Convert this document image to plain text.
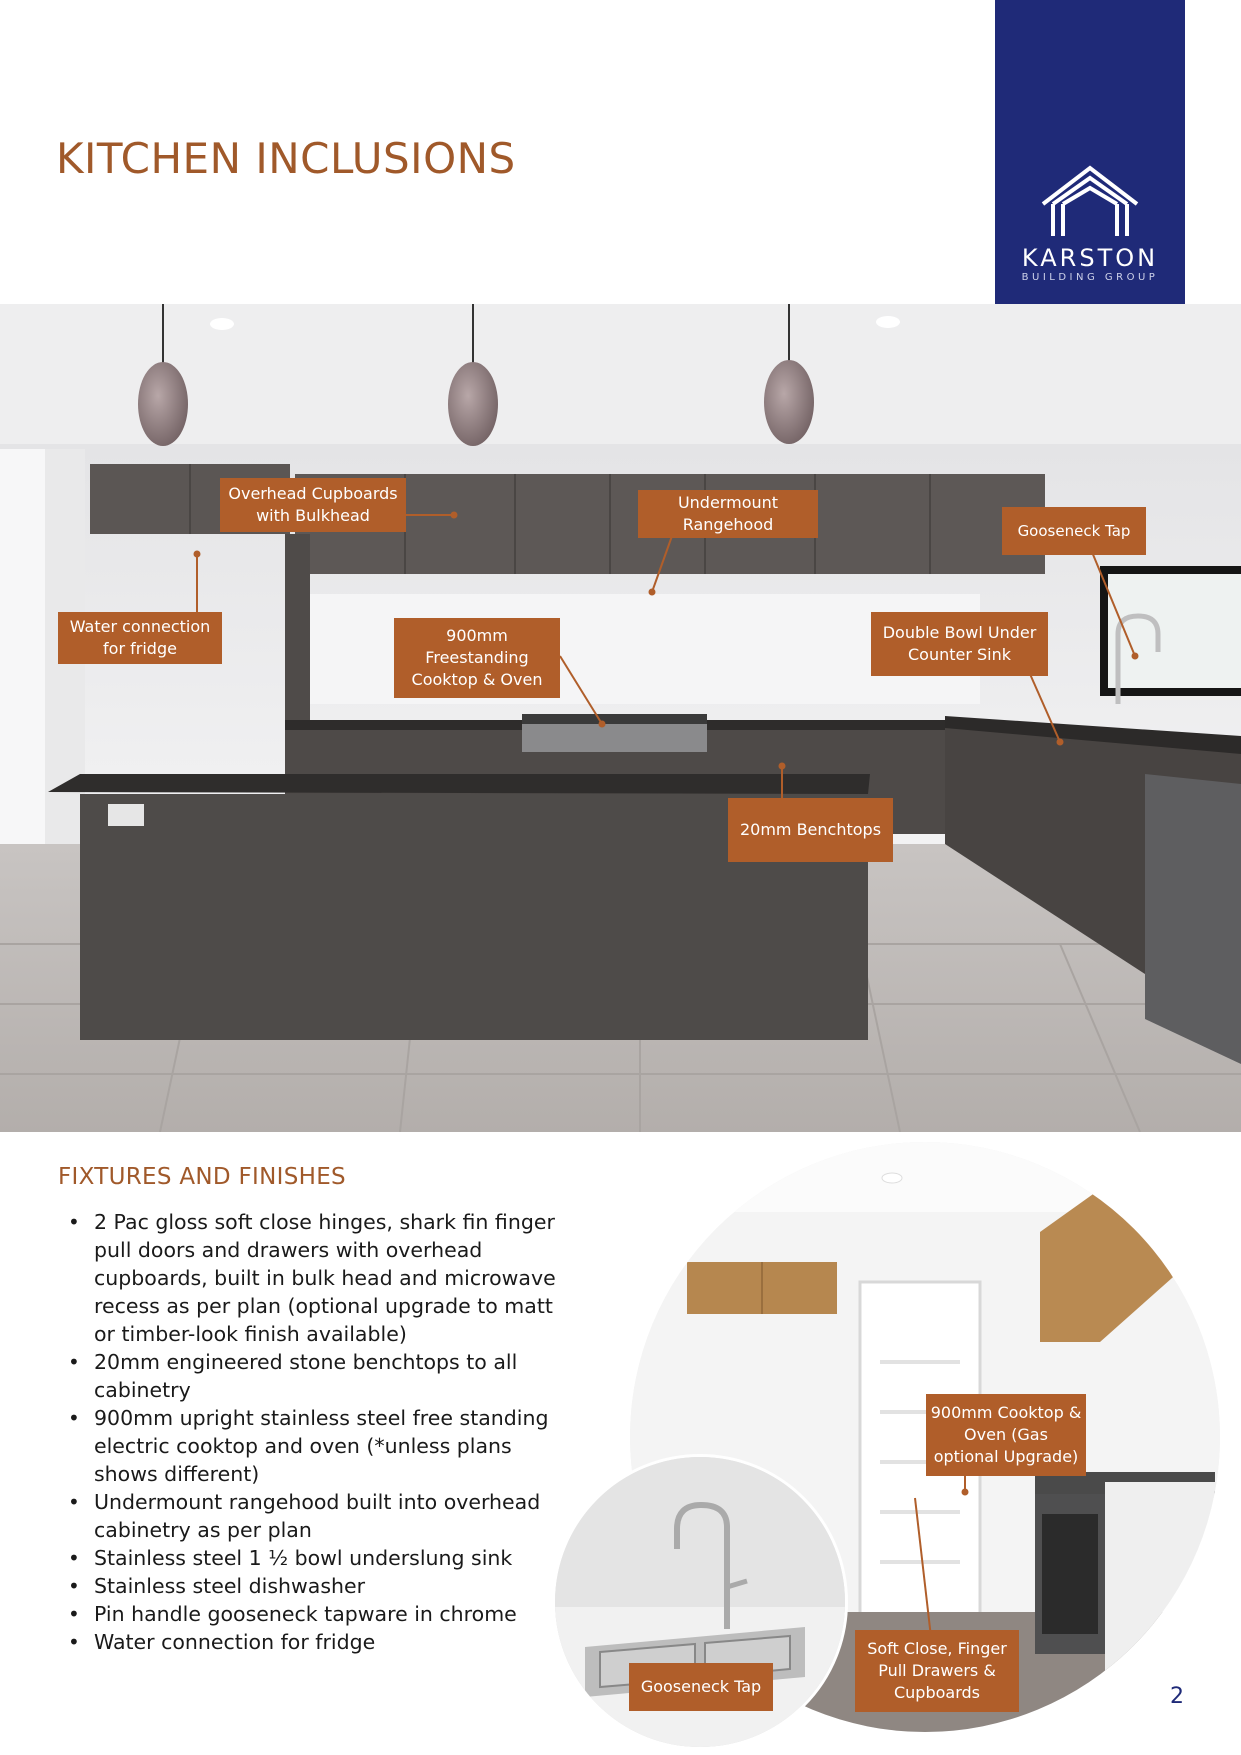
KITCHEN INCLUSIONS
KARSTON
BUILDING GROUP
Overhead Cupboards with Bulkhead
Undermount Rangehood	Gooseneck Tap
Water connection for fridge
900mm Freestanding Cooktop & Oven
Double Bowl Under Counter Sink
20mm Benchtops
FIXTURES AND FINISHES
• 2 Pac gloss soft close hinges, shark fin finger pull doors and drawers with overhead cupboards, built in bulk head and microwave recess as per plan (optional upgrade to matt or timber-look finish available)
• 20mm engineered stone benchtops to all cabinetry
• 900mm upright stainless steel free standing electric cooktop and oven (*unless plans shows different)
• Undermount rangehood built into overhead cabinetry as per plan
• Stainless steel 1 ½ bowl underslung sink
• Stainless steel dishwasher
• Pin handle gooseneck tapware in chrome
• Water connection for fridge
900mm Cooktop & Oven (Gas optional Upgrade)
Soft Close, Finger Pull Drawers & Cupboards
Gooseneck Tap	2
